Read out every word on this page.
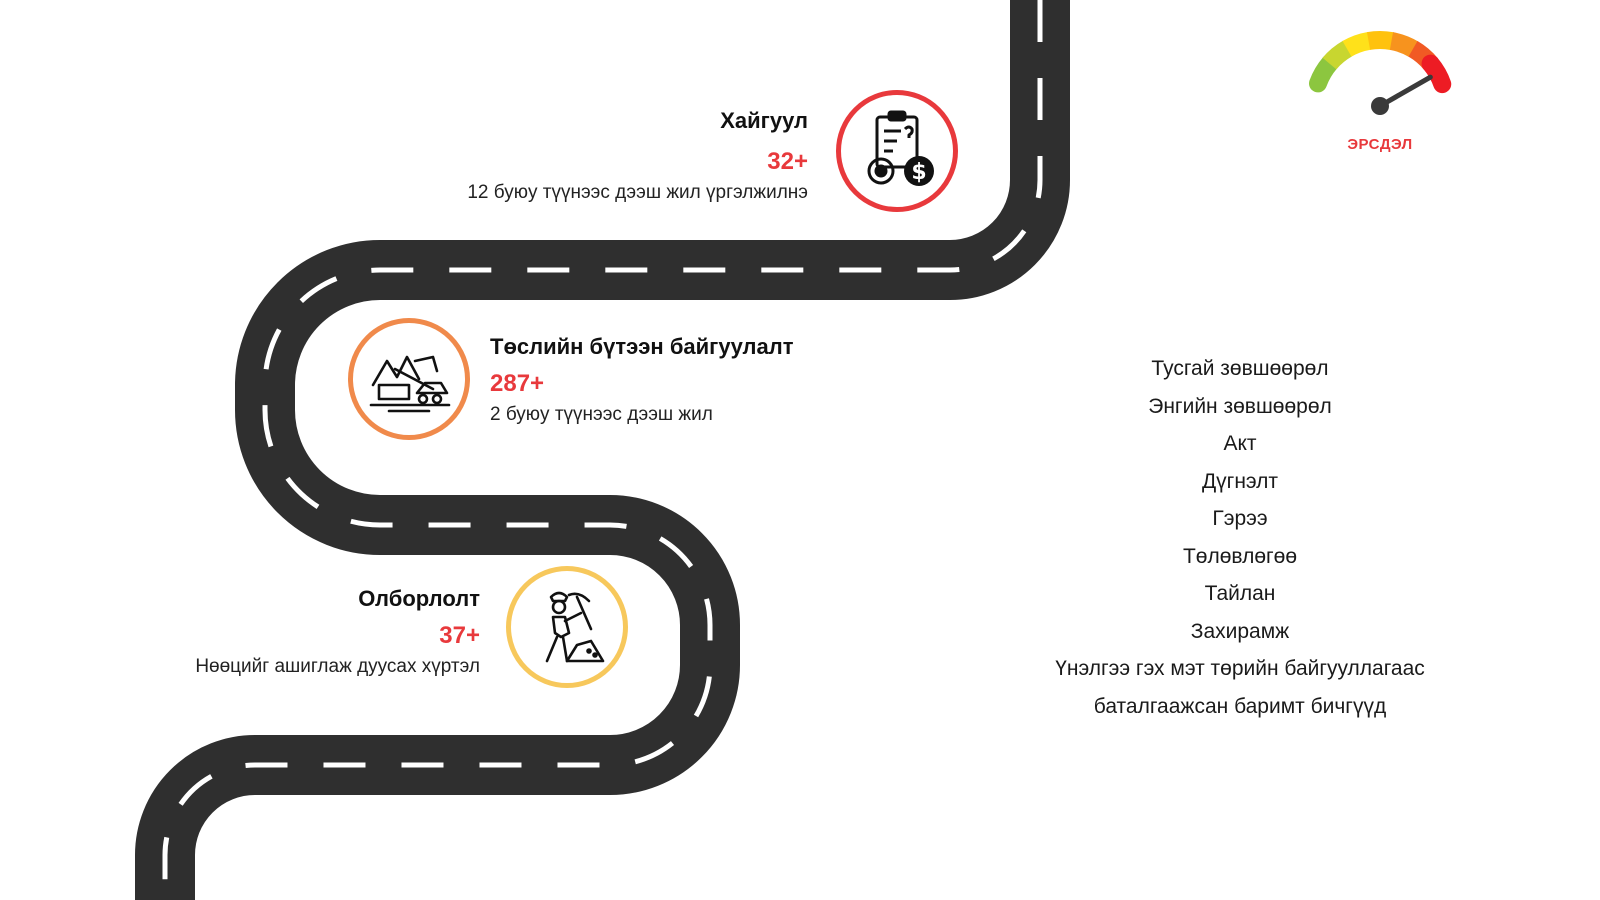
Хайгуул
32+
12 буюу түүнээс дээш жил үргэлжилнэ
$
Төслийн бүтээн байгуулалт
287+
2 буюу түүнээс дээш жил
Олборлолт
37+
Нөөцийг ашиглаж дуусах хүртэл
Тусгай зөвшөөрөл
Энгийн зөвшөөрөл
Акт
Дүгнэлт
Гэрээ
Төлөвлөгөө
Тайлан
Захирамж
Үнэлгээ гэх мэт төрийн байгууллагаас
баталгаажсан баримт бичгүүд
ЭРСДЭЛ
